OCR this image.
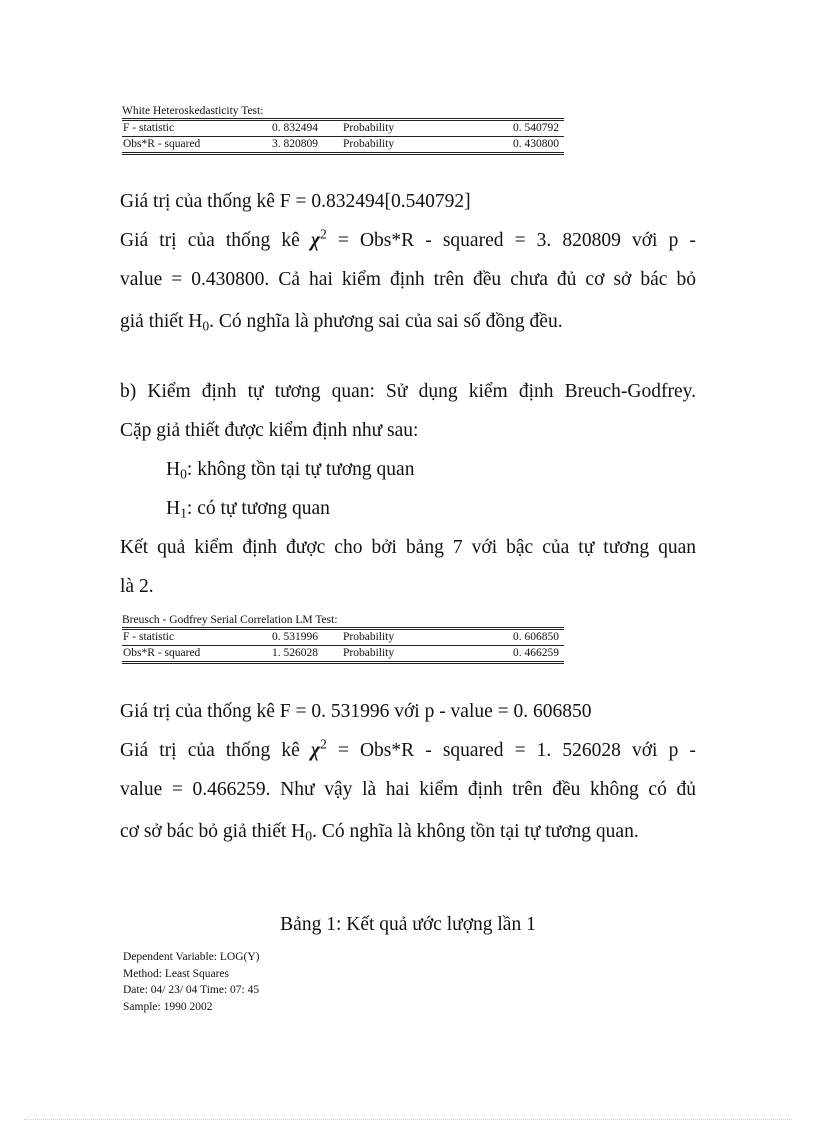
White Heteroskedasticity Test:
F - statistic	0. 832494 Probability	0. 540792
Obs*R - squared	3. 820809 Probability	0. 430800
Giá trị của thống kê F = 0.832494[0.540792]
Giá trị của thống kê $\chi^2 = Obs*R$ - squared = 3. 820809 với p -
value = 0.430800. Cả hai kiểm định trên đều chưa đủ cơ sở bác bỏ
giả thiết $H_0$. Có nghĩa là phương sai của sai số đồng đều.
b) Kiểm định tự tương quan: Sử dụng kiểm định Breuch-Godfrey.
Cặp giả thiết được kiểm định như sau:
$H_0$: không tồn tại tự tương quan
$H_1$: có tự tương quan
Kết quả kiểm định được cho bởi bảng 7 với bậc của tự tương quan
là 2.
Breusch - Godfrey Serial Correlation LM Test:
F - statistic	0. 531996 Probability	0. 606850
Obs*R - squared	1. 526028 Probability	0. 466259
Giá trị của thống kê F = 0. 531996 với p - value = 0. 606850
Giá trị của thống kê $\chi^2 = Obs*R$ - squared = 1. 526028 với p -
value = 0.466259. Như vậy là hai kiểm định trên đều không có đủ
cơ sở bác bỏ giả thiết $H_0$. Có nghĩa là không tồn tại tự tương quan.
Bảng 1: Kết quả ước lượng lần 1
Dependent Variable: LOG(Y)
Method: Least Squares
Date: 04/ 23/ 04 Time: 07: 45
Sample: 1990 2002
